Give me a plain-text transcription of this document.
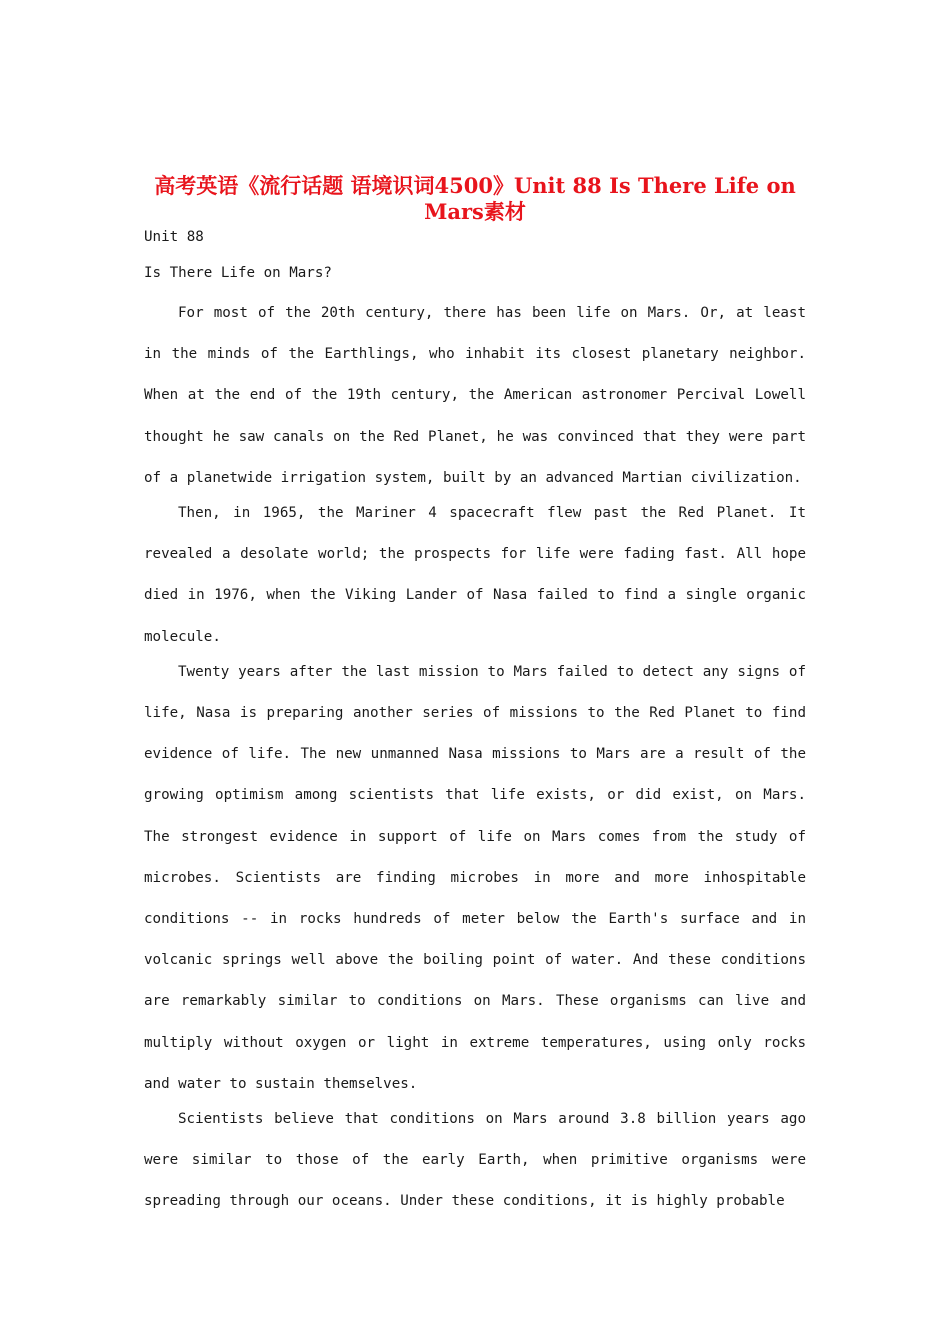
高考英语《流行话题 语境识词4500》Unit 88 Is There Life on Mars素材
Unit 88
Is There Life on Mars?

For most of the 20th century, there has been life on Mars. Or, at least in the minds of the Earthlings, who inhabit its closest planetary neighbor. When at the end of the 19th century, the American astronomer Percival Lowell thought he saw canals on the Red Planet, he was convinced that they were part of a planetwide irrigation system, built by an advanced Martian civilization.

Then, in 1965, the Mariner 4 spacecraft flew past the Red Planet. It revealed a desolate world; the prospects for life were fading fast. All hope died in 1976, when the Viking Lander of Nasa failed to find a single organic molecule.

Twenty years after the last mission to Mars failed to detect any signs of life, Nasa is preparing another series of missions to the Red Planet to find evidence of life. The new unmanned Nasa missions to Mars are a result of the growing optimism among scientists that life exists, or did exist, on Mars. The strongest evidence in support of life on Mars comes from the study of microbes. Scientists are finding microbes in more and more inhospitable conditions -- in rocks hundreds of meter below the Earth's surface and in volcanic springs well above the boiling point of water. And these conditions are remarkably similar to conditions on Mars. These organisms can live and multiply without oxygen or light in extreme temperatures, using only rocks and water to sustain themselves.

Scientists believe that conditions on Mars around 3.8 billion years ago were similar to those of the early Earth, when primitive organisms were spreading through our oceans. Under these conditions, it is highly probable
